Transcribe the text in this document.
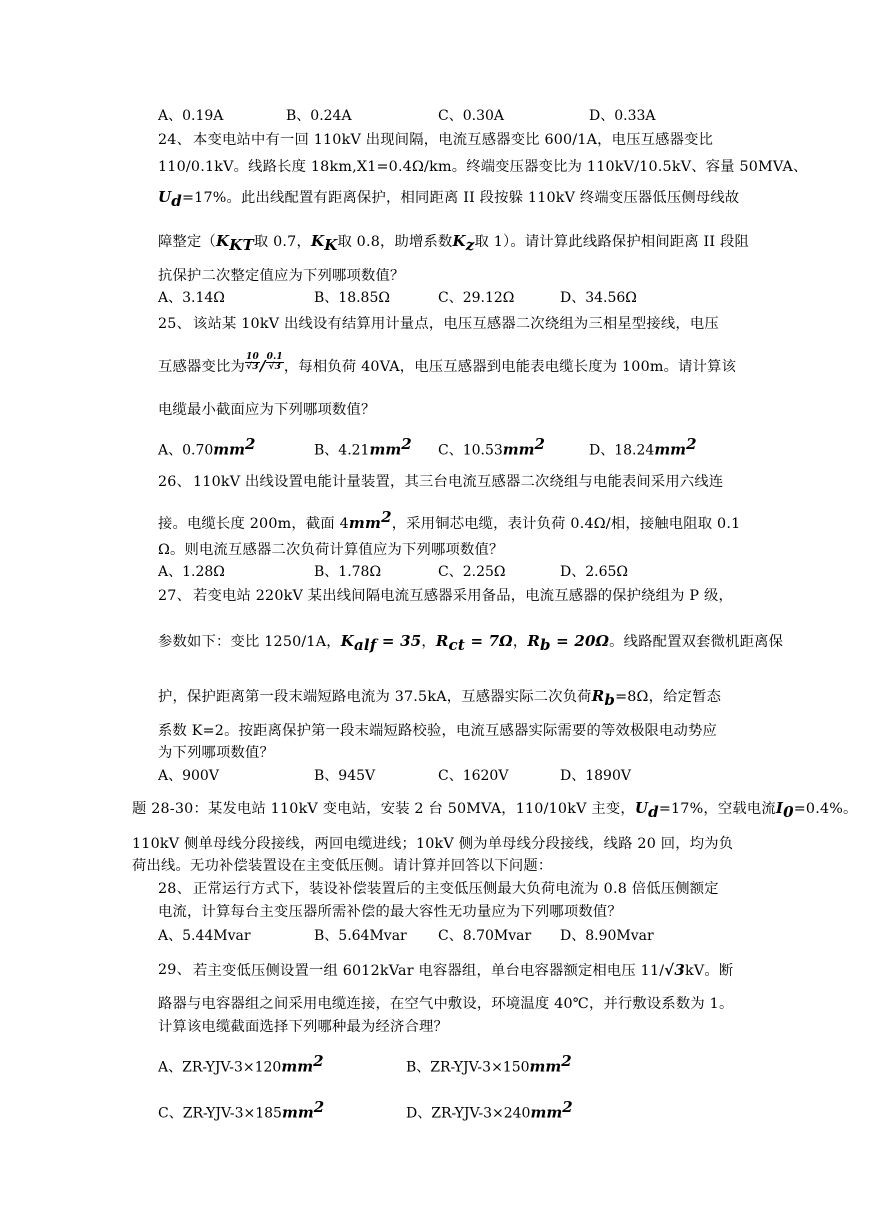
A、0.19A	B、0.24A	C、0.30A	D、0.33A
24、 本变电站中有一回 110kV 出现间隔，电流互感器变比 600/1A，电压互感器变比
110/0.1kV。线路长度 18km,X1=0.4Ω/km。终端变压器变比为 110kV/10.5kV、容量 50MVA、
$U_d=17\%$。此出线配置有距离保护，相同距离 II 段按躲 110kV 终端变压器低压侧母线故
障整定（$K_{KT}$取 0.7，$K_K$取 0.8，助增系数$K_z$取 1）。请计算此线路保护相间距离 II 段阻
抗保护二次整定值应为下列哪项数值？
A、3.14Ω	B、18.85Ω	C、29.12Ω	D、34.56Ω
25、 该站某 10kV 出线设有结算用计量点，电压互感器二次绕组为三相星型接线，电压
互感器变比为 $\frac{10}{√3} / \frac{0.1}{√3}$ ，每相负荷 40VA，电压互感器到电能表电缆长度为 100m。请计算该
电缆最小截面应为下列哪项数值？
A、$0.70mm^2$	B、$4.21mm^2$ C、$10.53mm^2$	D、$18.24mm^2$
26、 110kV 出线设置电能计量装置，其三台电流互感器二次绕组与电能表间采用六线连
接。电缆长度 200m，截面 $4mm^2$，采用铜芯电缆，表计负荷 0.4Ω/相，接触电阻取 0.1
Ω。则电流互感器二次负荷计算值应为下列哪项数值？
A、1.28Ω	B、1.78Ω	C、2.25Ω	D、2.65Ω
27、 若变电站 220kV 某出线间隔电流互感器采用备品，电流互感器的保护绕组为 P 级，
参数如下：变比 1250/1A，$K_{alf} = 35$，$R_{ct} = 7\Omega$，$R_b = 20\Omega$。线路配置双套微机距离保
护，保护距离第一段末端短路电流为 37.5kA，互感器实际二次负荷$R_b=8\Omega$，给定暂态
系数 K=2。按距离保护第一段末端短路校验，电流互感器实际需要的等效极限电动势应
为下列哪项数值？
A、900V	B、945V	C、1620V	D、1890V
题 28-30：某发电站 110kV 变电站，安装 2 台 50MVA，110/10kV 主变，$U_d=17\%$，空载电流$I_0=0.4\%$。
110kV 侧单母线分段接线，两回电缆进线；10kV 侧为单母线分段接线，线路 20 回，均为负
荷出线。无功补偿装置设在主变低压侧。请计算并回答以下问题：
28、 正常运行方式下，装设补偿装置后的主变低压侧最大负荷电流为 0.8 倍低压侧额定
电流，计算每台主变压器所需补偿的最大容性无功量应为下列哪项数值？
A、5.44Mvar	B、5.64Mvar C、8.70Mvar D、8.90Mvar
29、 若主变低压侧设置一组 6012kVar 电容器组，单台电容器额定相电压 11/√3kV。断
路器与电容器组之间采用电缆连接，在空气中敷设，环境温度 40℃，并行敷设系数为 1。
计算该电缆截面选择下列哪种最为经济合理？
A、$ZR-YJV-3\times 120mm^2$	B、$ZR-YJV-3\times 150mm^2$
C、$ZR-YJV-3\times 185mm^2$	D、$ZR-YJV-3\times 240mm^2$
